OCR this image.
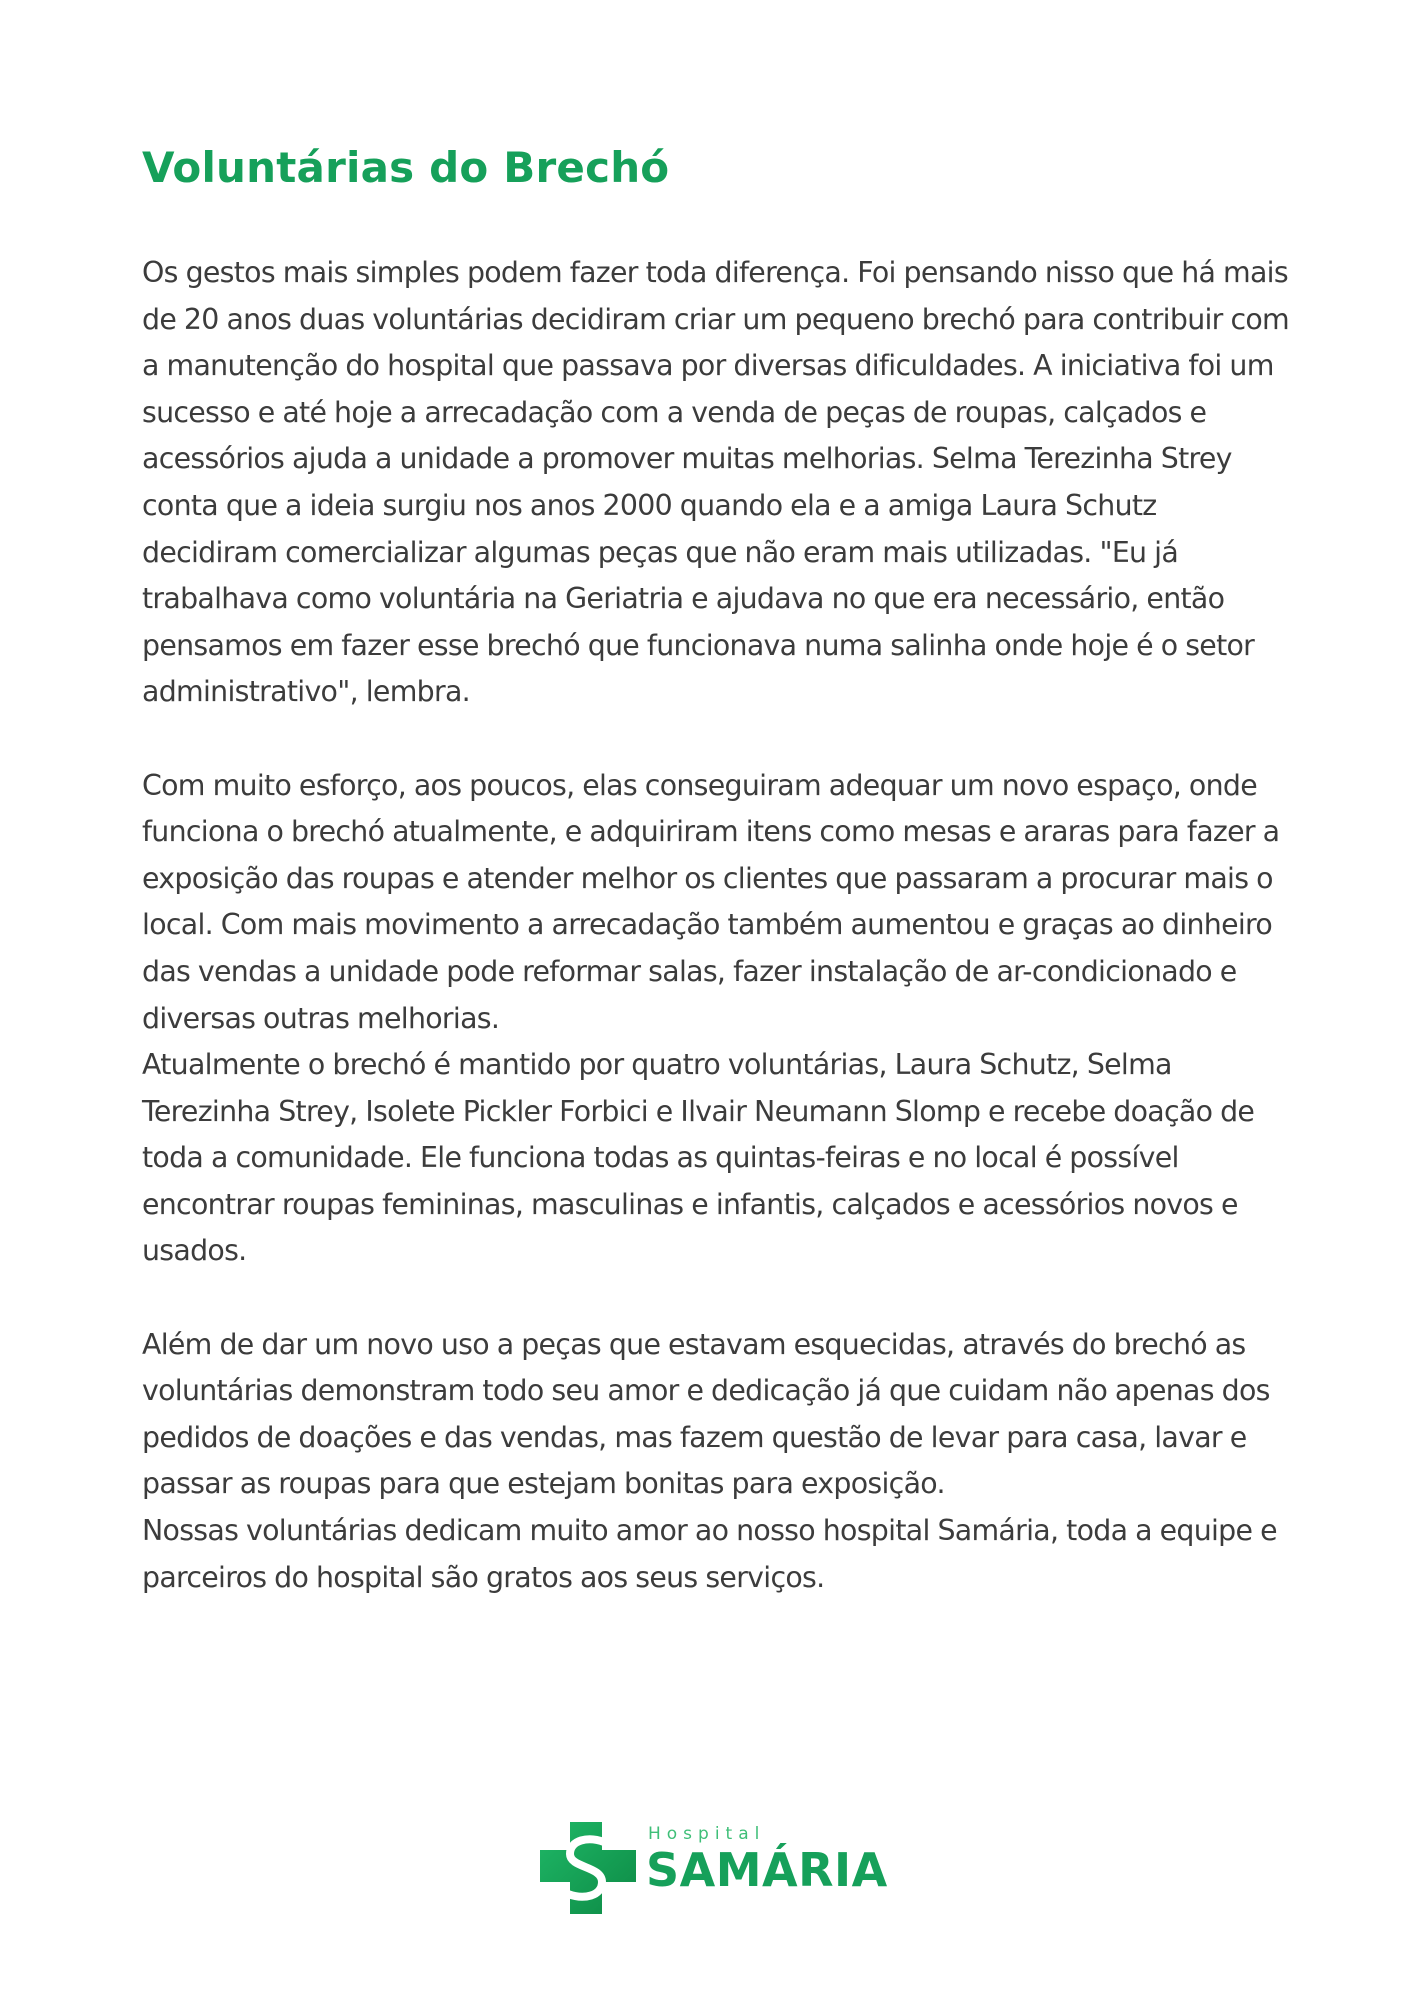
Voluntárias do Brechó

Os gestos mais simples podem fazer toda diferença. Foi pensando nisso que há mais de 20 anos duas voluntárias decidiram criar um pequeno brechó para contribuir com a manutenção do hospital que passava por diversas dificuldades. A iniciativa foi um sucesso e até hoje a arrecadação com a venda de peças de roupas, calçados e acessórios ajuda a unidade a promover muitas melhorias. Selma Terezinha Strey conta que a ideia surgiu nos anos 2000 quando ela e a amiga Laura Schutz decidiram comercializar algumas peças que não eram mais utilizadas. "Eu já trabalhava como voluntária na Geriatria e ajudava no que era necessário, então pensamos em fazer esse brechó que funcionava numa salinha onde hoje é o setor administrativo", lembra.

Com muito esforço, aos poucos, elas conseguiram adequar um novo espaço, onde funciona o brechó atualmente, e adquiriram itens como mesas e araras para fazer a exposição das roupas e atender melhor os clientes que passaram a procurar mais o local. Com mais movimento a arrecadação também aumentou e graças ao dinheiro das vendas a unidade pode reformar salas, fazer instalação de ar-condicionado e diversas outras melhorias.

Atualmente o brechó é mantido por quatro voluntárias, Laura Schutz, Selma Terezinha Strey, Isolete Pickler Forbici e Ilvair Neumann Slomp e recebe doação de toda a comunidade. Ele funciona todas as quintas-feiras e no local é possível encontrar roupas femininas, masculinas e infantis, calçados e acessórios novos e usados.

Além de dar um novo uso a peças que estavam esquecidas, através do brechó as voluntárias demonstram todo seu amor e dedicação já que cuidam não apenas dos pedidos de doações e das vendas, mas fazem questão de levar para casa, lavar e passar as roupas para que estejam bonitas para exposição.

Nossas voluntárias dedicam muito amor ao nosso hospital Samária, toda a equipe e parceiros do hospital são gratos aos seus serviços.

Hospital
SAMÁRIA
